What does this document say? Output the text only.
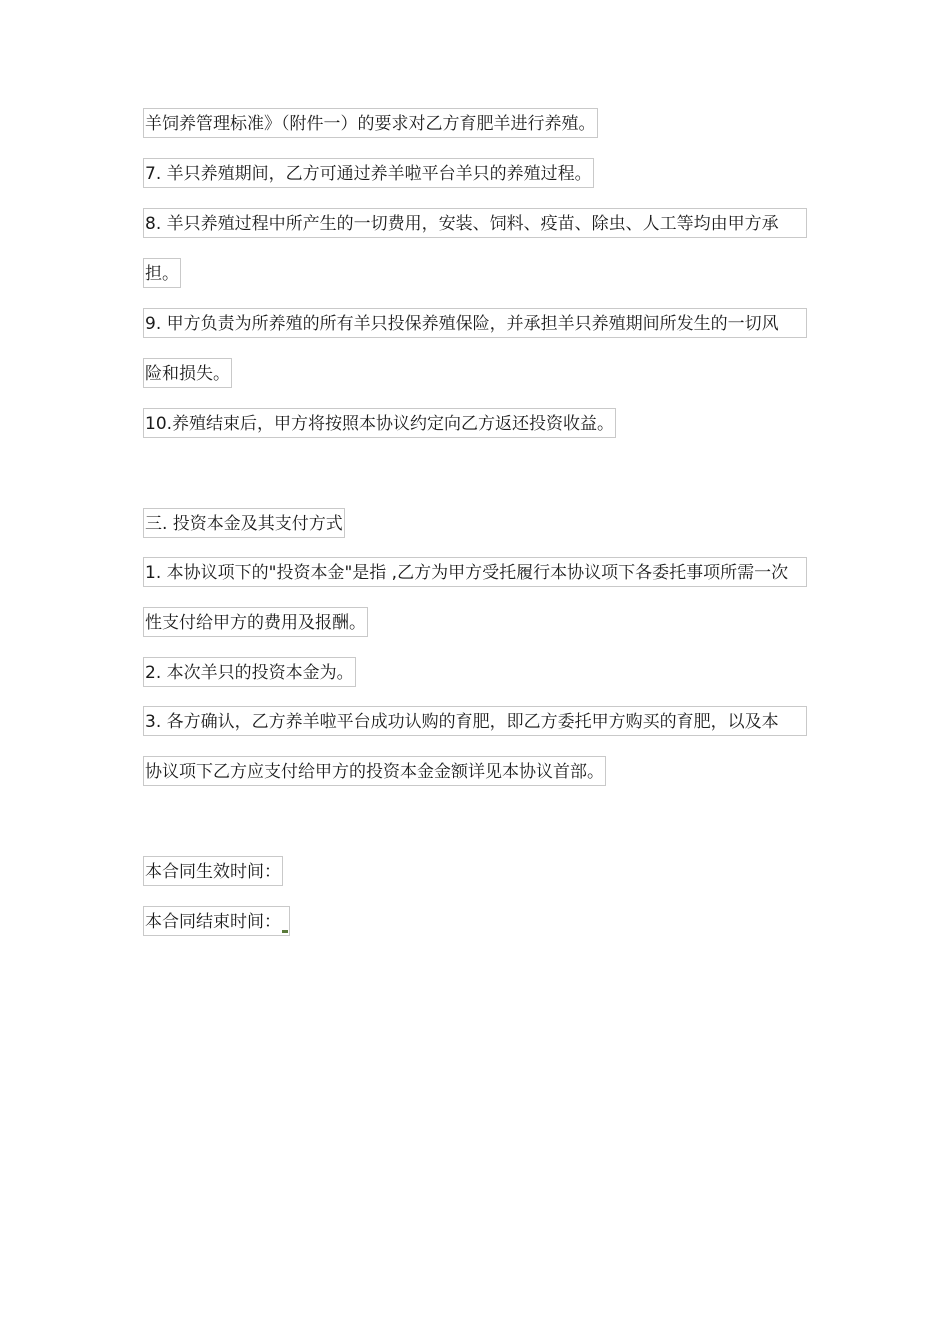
羊饲养管理标准》（附件一）的要求对乙方育肥羊进行养殖。
7. 羊只养殖期间，乙方可通过养羊啦平台羊只的养殖过程。
8. 羊只养殖过程中所产生的一切费用，安装、饲料、疫苗、除虫、人工等均由甲方承
担。
9. 甲方负责为所养殖的所有羊只投保养殖保险，并承担羊只养殖期间所发生的一切风
险和损失。
10.养殖结束后，甲方将按照本协议约定向乙方返还投资收益。
三. 投资本金及其支付方式
1. 本协议项下的"投资本金"是指 ,乙方为甲方受托履行本协议项下各委托事项所需一次
性支付给甲方的费用及报酬。
2. 本次羊只的投资本金为。
3. 各方确认，乙方养羊啦平台成功认购的育肥，即乙方委托甲方购买的育肥，以及本
协议项下乙方应支付给甲方的投资本金金额详见本协议首部。
本合同生效时间：
本合同结束时间：
